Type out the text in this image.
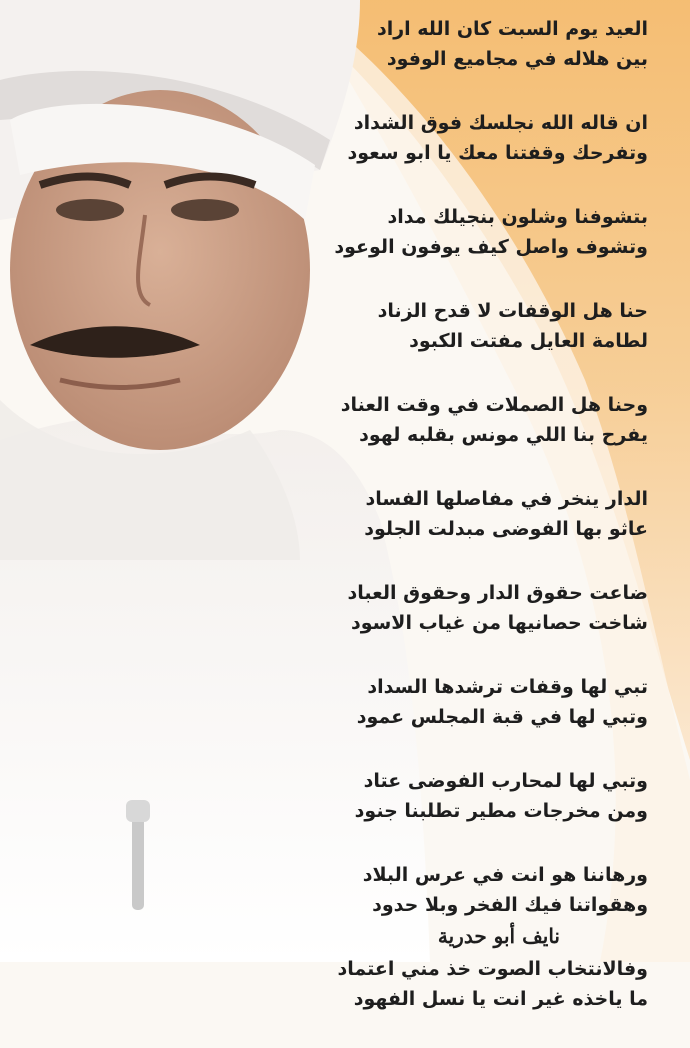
العيد يوم السبت كان الله اراد
بين هلاله في مجاميع الوفود
ان قاله الله نجلسك فوق الشداد
وتفرحك وقفتنا معك يا ابو سعود
بتشوفنا وشلون بنجيلك مداد
وتشوف واصل كيف يوفون الوعود
حنا هل الوقفات لا قدح الزناد
لطامة العايل مفتت الكبود
وحنا هل الصملات في وقت العناد
يفرح بنا اللي مونس بقلبه لهود
الدار ينخر في مفاصلها الفساد
عاثو بها الفوضى مبدلت الجلود
ضاعت حقوق الدار وحقوق العباد
شاخت حصانيها من غياب الاسود
تبي لها وقفات ترشدها السداد
وتبي لها في قبة المجلس عمود
وتبي لها لمحارب الفوضى عتاد
ومن مخرجات مطير تطلبنا جنود
ورهاننا هو انت في عرس البلاد
وهقواتنا فيك الفخر وبلا حدود
وفالانتخاب الصوت خذ مني اعتماد
ما ياخذه غير انت يا نسل الفهود
نايف أبو حدرية
